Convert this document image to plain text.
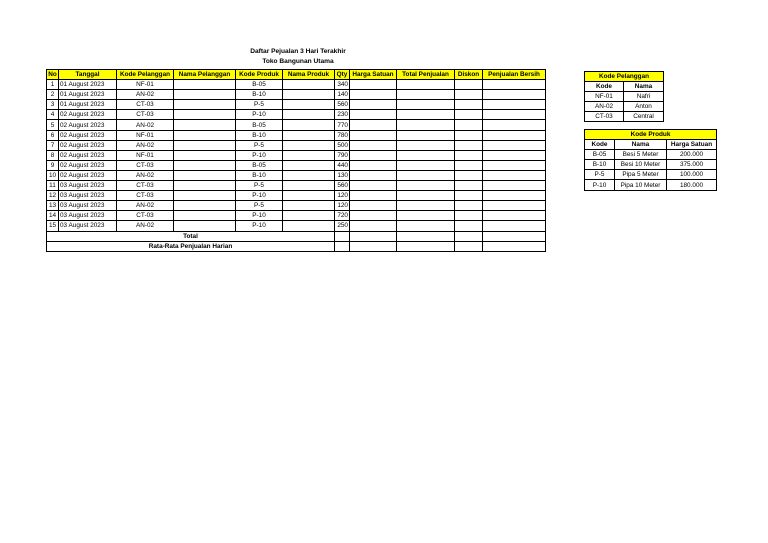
Daftar Pejualan 3 Hari Terakhir
Toko Bangunan Utama
No	Tanggal	Kode Pelanggan	Nama Pelanggan	Kode Produk	Nama Produk	Qty	Harga Satuan	Total Penjualan	Diskon	Penjualan Bersih
1	01 August 2023	NF-01		B-05		340				
2	01 August 2023	AN-02		B-10		140				
3	01 August 2023	CT-03		P-5		560				
4	02 August 2023	CT-03		P-10		230				
5	02 August 2023	AN-02		B-05		770				
6	02 August 2023	NF-01		B-10		780				
7	02 August 2023	AN-02		P-5		500				
8	02 August 2023	NF-01		P-10		790				
9	02 August 2023	CT-03		B-05		440				
10	02 August 2023	AN-02		B-10		130				
11	03 August 2023	CT-03		P-5		560				
12	03 August 2023	CT-03		P-10		120				
13	03 August 2023	AN-02		P-5		120				
14	03 August 2023	CT-03		P-10		720				
15	03 August 2023	AN-02		P-10		250				
Total										
Rata-Rata Penjualan Harian										
Kode Pelanggan	
Kode	Nama
NF-01	Nafri
AN-02	Anton
CT-03	Central
Kode Produk		
Kode	Nama	Harga Satuan
B-05	Besi 5 Meter	200.000
B-10	Besi 10 Meter	375.000
P-5	Pipa 5 Meter	100.000
P-10	Pipa 10 Meter	180.000
